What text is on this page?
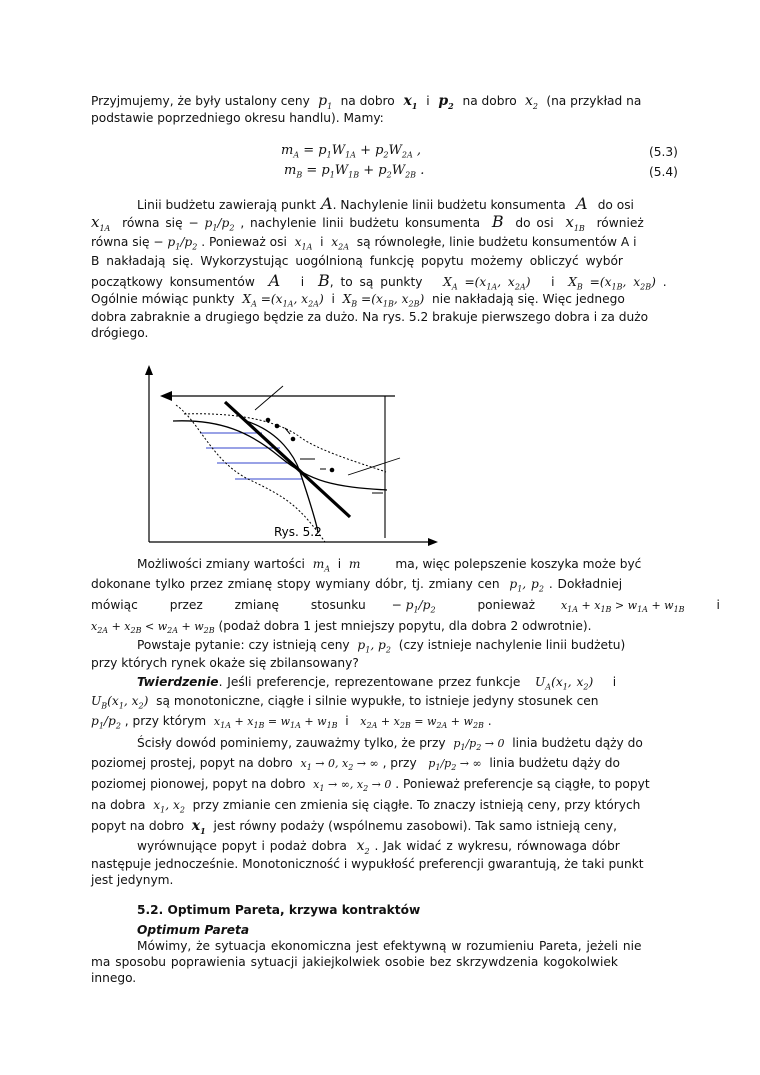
Przyjmujemy, że były ustalony ceny  $p_1$ na dobro  $x_1$ i  $p_2$ na dobro  $x_2$ (na przykład na
podstawie poprzedniego okresu handlu). Mamy:
$m_A = p_1W_{1A} + p_2W_{2A}$ ,	(5.3)
$m_B = p_1W_{1B} + p_2W_{2B}$ .	(5.4)
Linii budżetu zawierają punkt A. Nachylenie linii budżetu konsumenta  A  do osi
$x_{1A}$ równa się − $p_1/p_2$ , nachylenie linii budżetu konsumenta B do osi $x_{1B}$ również
równa się − $p_1/p_2$ . Ponieważ osi $x_{1A}$ i $x_{2A}$ są równoległe, linie budżetu konsumentów A i
B nakładają się. Wykorzystując uogólnioną funkcję popytu możemy obliczyć wybór
początkowy konsumentów A i B, to są punkty $X_A =(x_{1A}$, $x_{2A}$) i $X_B =(x_{1B}$, $x_{2B}$) .
Ogólnie mówiąc punkty $X_A =(x_{1A}$, $x_{2A}$) i $X_B =(x_{1B}$, $x_{2B}$) nie nakładają się. Więc jednego
dobra zabraknie a drugiego będzie za dużo. Na rys. 5.2 brakuje pierwszego dobra i za dużo
drógiego.
Rys. 5.2
Możliwości zmiany wartości $m_A$ i m	ma, więc polepszenie koszyka może być
dokonane tylko przez zmianę stopy wymiany dóbr, tj. zmiany cen $p_1$, $p_2$ . Dokładniej
mówiąc	przez	zmianę	stosunku − $p_1/p_2$	ponieważ $x_{1A} + x_{1B} > w_{1A} + w_{1B}$	i
$x_{2A} + x_{2B} < w_{2A} + w_{2B}$ (podaż dobra 1 jest mniejszy popytu, dla dobra 2 odwrotnie).
Powstaje pytanie: czy istnieją ceny $p_1$, $p_2$ (czy istnieje nachylenie linii budżetu)
przy których rynek okaże się zbilansowany?
Twierdzenie. Jeśli preferencje, reprezentowane przez funkcje $U_A(x_1$, $x_2$) i
$U_B(x_1$, $x_2$) są monotoniczne, ciągłe i silnie wypukłe, to istnieje jedyny stosunek cen
$p_1/p_2$ , przy którym $x_{1A} + x_{1B} = w_{1A} + w_{1B}$ i $x_{2A} + x_{2B} = w_{2A} + w_{2B}$ .
Ścisły dowód pominiemy, zauważmy tylko, że przy $p_1/p_2 \to 0$ linia budżetu dąży do
poziomej prostej, popyt na dobro $x_1 \to 0$, $x_2$ → ∞ , przy $p_1/p_2$ → ∞ linia budżetu dąży do
poziomej pionowej, popyt na dobro $x_1$ → ∞, $x_2 \to 0$ . Ponieważ preferencje są ciągłe, to popyt
na dobra $x_1$, $x_2$ przy zmianie cen zmienia się ciągłe. To znaczy istnieją ceny, przy których
popyt na dobro $x_1$ jest równy podaży (wspólnemu zasobowi). Tak samo istnieją ceny,
wyrównujące popyt i podaż dobra $x_2$ . Jak widać z wykresu, równowaga dóbr
następuje jednocześnie. Monotoniczność i wypukłość preferencji gwarantują, że taki punkt
jest jedynym.
5.2. Optimum Pareta, krzywa kontraktów
Optimum Pareta
Mówimy, że sytuacja ekonomiczna jest efektywną w rozumieniu Pareta, jeżeli nie
ma sposobu poprawienia sytuacji jakiejkolwiek osobie bez skrzywdzenia kogokolwiek
innego.
